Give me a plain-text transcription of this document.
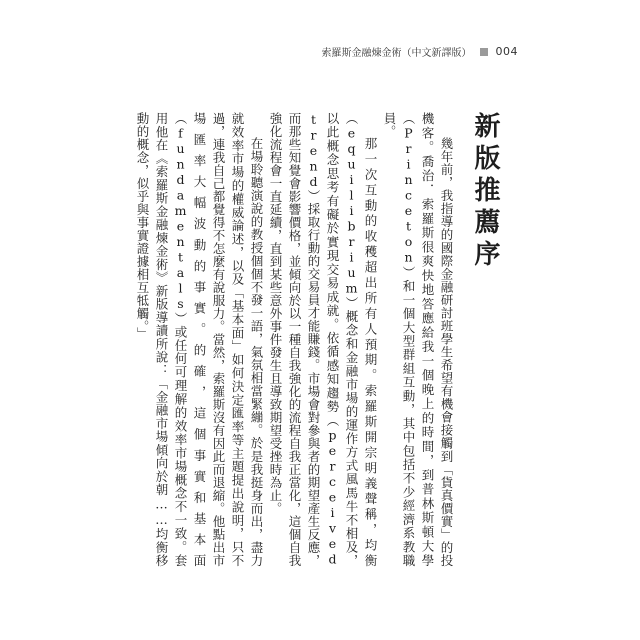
索羅斯金融煉金術（中文新譯版） 004
新版推薦序

幾年前，我指導的國際金融研討班學生希望有機會接觸到「貨真價實」的投機客。喬治．索羅斯很爽快地答應給我一個晚上的時間，到普林斯頓大學（Princeton）和一個大型群組互動，其中包括不少經濟系教職員。

那一次互動的收穫超出所有人預期。索羅斯開宗明義聲稱，均衡（equilibrium）概念和金融市場的運作方式風馬牛不相及，以此概念思考有礙於實現交易成就。依循感知趨勢（perceived trend）採取行動的交易員才能賺錢。市場會對參與者的期望產生反應，而那些知覺會影響價格，並傾向於以一種自我強化的流程自我正當化，這個自我強化流程會一直延續，直到某些意外事件發生且導致期望受挫時為止。

在場聆聽演說的教授個個不發一語，氣氛相當緊繃。於是我挺身而出，盡力就效率市場的權威論述，以及「基本面」如何決定匯率等主題提出說明，只不過，連我自己都覺得不怎麼有說服力。當然，索羅斯沒有因此而退縮。他點出市場匯率大幅波動的事實。的確，這個事實和基本面（fundamentals）或任何可理解的效率市場概念不一致。套用他在《索羅斯金融煉金術》新版導讀所說：「金融市場傾向於朝……均衡移動的概念，似乎與事實證據相互牴觸。」
